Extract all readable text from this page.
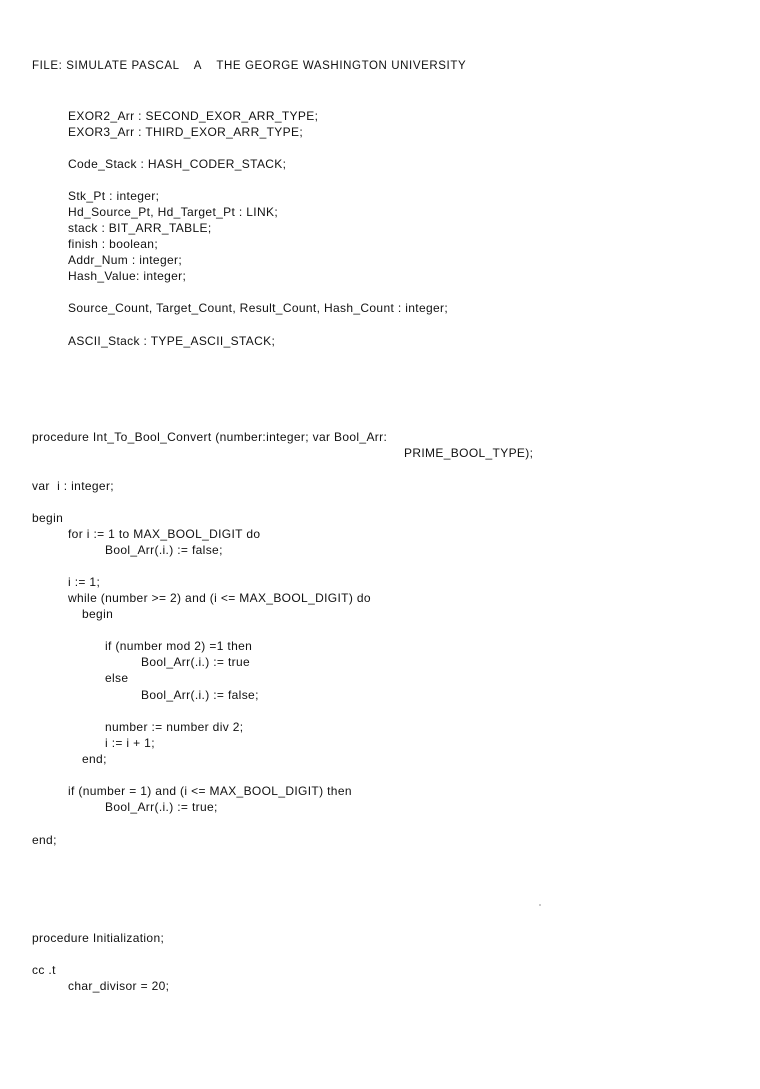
FILE: SIMULATE PASCAL    A    THE GEORGE WASHINGTON UNIVERSITY

EXOR2_Arr : SECOND_EXOR_ARR_TYPE;

EXOR3_Arr : THIRD_EXOR_ARR_TYPE;

Code_Stack : HASH_CODER_STACK;

Stk_Pt : integer;

Hd_Source_Pt, Hd_Target_Pt : LINK;

stack : BIT_ARR_TABLE;

finish : boolean;

Addr_Num : integer;

Hash_Value: integer;

Source_Count, Target_Count, Result_Count, Hash_Count : integer;

ASCII_Stack : TYPE_ASCII_STACK;

procedure Int_To_Bool_Convert (number:integer; var Bool_Arr:

PRIME_BOOL_TYPE);

var  i : integer;

begin

for i := 1 to MAX_BOOL_DIGIT do

Bool_Arr(.i.) := false;

i := 1;

while (number >= 2) and (i <= MAX_BOOL_DIGIT) do

begin

if (number mod 2) =1 then

Bool_Arr(.i.) := true

else

Bool_Arr(.i.) := false;

number := number div 2;

i := i + 1;

end;

if (number = 1) and (i <= MAX_BOOL_DIGIT) then

Bool_Arr(.i.) := true;

end;

procedure Initialization;

cc .t

char_divisor = 20;
